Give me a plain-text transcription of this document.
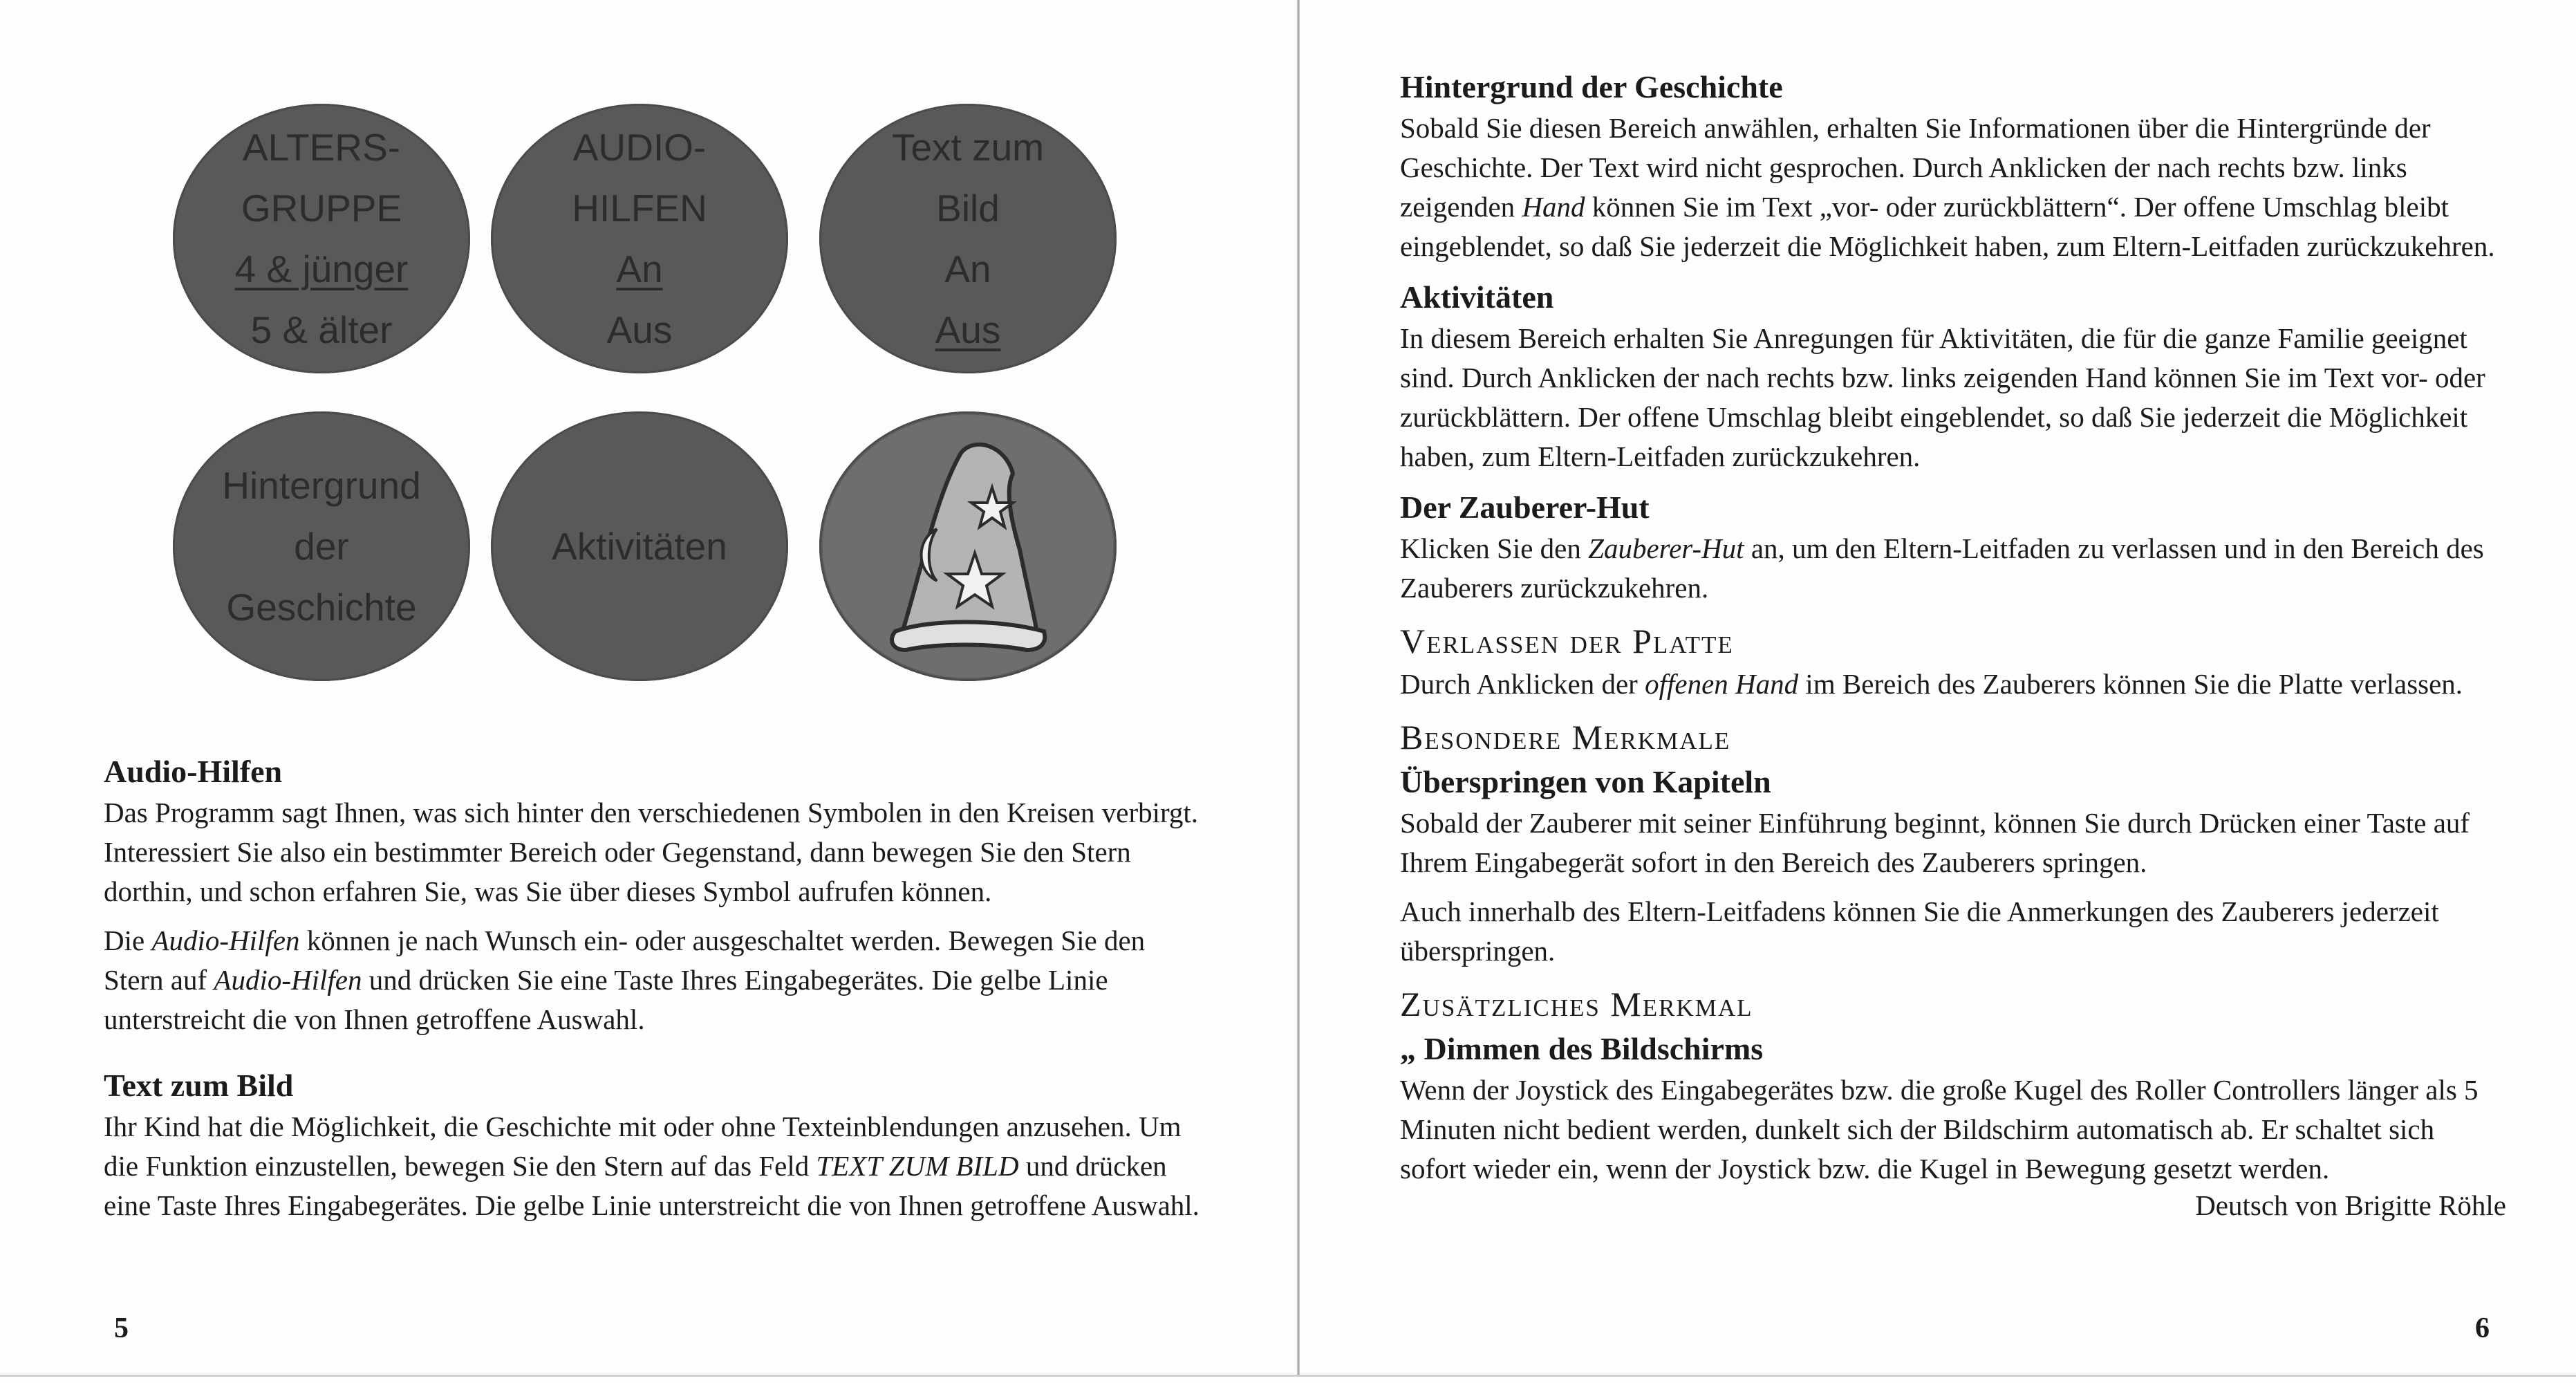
ALTERS-
GRUPPE
4 & jünger
5 & älter
AUDIO-
HILFEN
An
Aus
Text zum
Bild
An
Aus
Hintergrund
der
Geschichte
Aktivitäten
Audio-Hilfen

Das Programm sagt Ihnen, was sich hinter den verschiedenen Symbolen in den Kreisen verbirgt. Interessiert Sie also ein bestimmter Bereich oder Gegenstand, dann bewegen Sie den Stern dorthin, und schon erfahren Sie, was Sie über dieses Symbol aufrufen können.

Die Audio-Hilfen können je nach Wunsch ein- oder ausgeschaltet werden. Bewegen Sie den Stern auf Audio-Hilfen und drücken Sie eine Taste Ihres Eingabegerätes. Die gelbe Linie unterstreicht die von Ihnen getroffene Auswahl.

Text zum Bild

Ihr Kind hat die Möglichkeit, die Geschichte mit oder ohne Texteinblendungen anzusehen. Um die Funktion einzustellen, bewegen Sie den Stern auf das Feld TEXT ZUM BILD und drücken eine Taste Ihres Eingabegerätes. Die gelbe Linie unterstreicht die von Ihnen getroffene Auswahl.

5
Hintergrund der Geschichte

Sobald Sie diesen Bereich anwählen, erhalten Sie Informationen über die Hintergründe der Geschichte. Der Text wird nicht gesprochen. Durch Anklicken der nach rechts bzw. links zeigenden Hand können Sie im Text „vor- oder zurückblättern“. Der offene Umschlag bleibt eingeblendet, so daß Sie jederzeit die Möglichkeit haben, zum Eltern-Leitfaden zurückzukehren.

Aktivitäten

In diesem Bereich erhalten Sie Anregungen für Aktivitäten, die für die ganze Familie geeignet sind. Durch Anklicken der nach rechts bzw. links zeigenden Hand können Sie im Text vor- oder zurückblättern. Der offene Umschlag bleibt eingeblendet, so daß Sie jederzeit die Möglichkeit haben, zum Eltern-Leitfaden zurückzukehren.

Der Zauberer-Hut

Klicken Sie den Zauberer-Hut an, um den Eltern-Leitfaden zu verlassen und in den Bereich des Zauberers zurückzukehren.

Verlassen der Platte

Durch Anklicken der offenen Hand im Bereich des Zauberers können Sie die Platte verlassen.

Besondere Merkmale
Überspringen von Kapiteln

Sobald der Zauberer mit seiner Einführung beginnt, können Sie durch Drücken einer Taste auf Ihrem Eingabegerät sofort in den Bereich des Zauberers springen.

Auch innerhalb des Eltern-Leitfadens können Sie die Anmerkungen des Zauberers jederzeit überspringen.

Zusätzliches Merkmal
„ Dimmen des Bildschirms

Wenn der Joystick des Eingabegerätes bzw. die große Kugel des Roller Controllers länger als 5 Minuten nicht bedient werden, dunkelt sich der Bildschirm automatisch ab. Er schaltet sich sofort wieder ein, wenn der Joystick bzw. die Kugel in Bewegung gesetzt werden.

Deutsch von Brigitte Röhle
6
